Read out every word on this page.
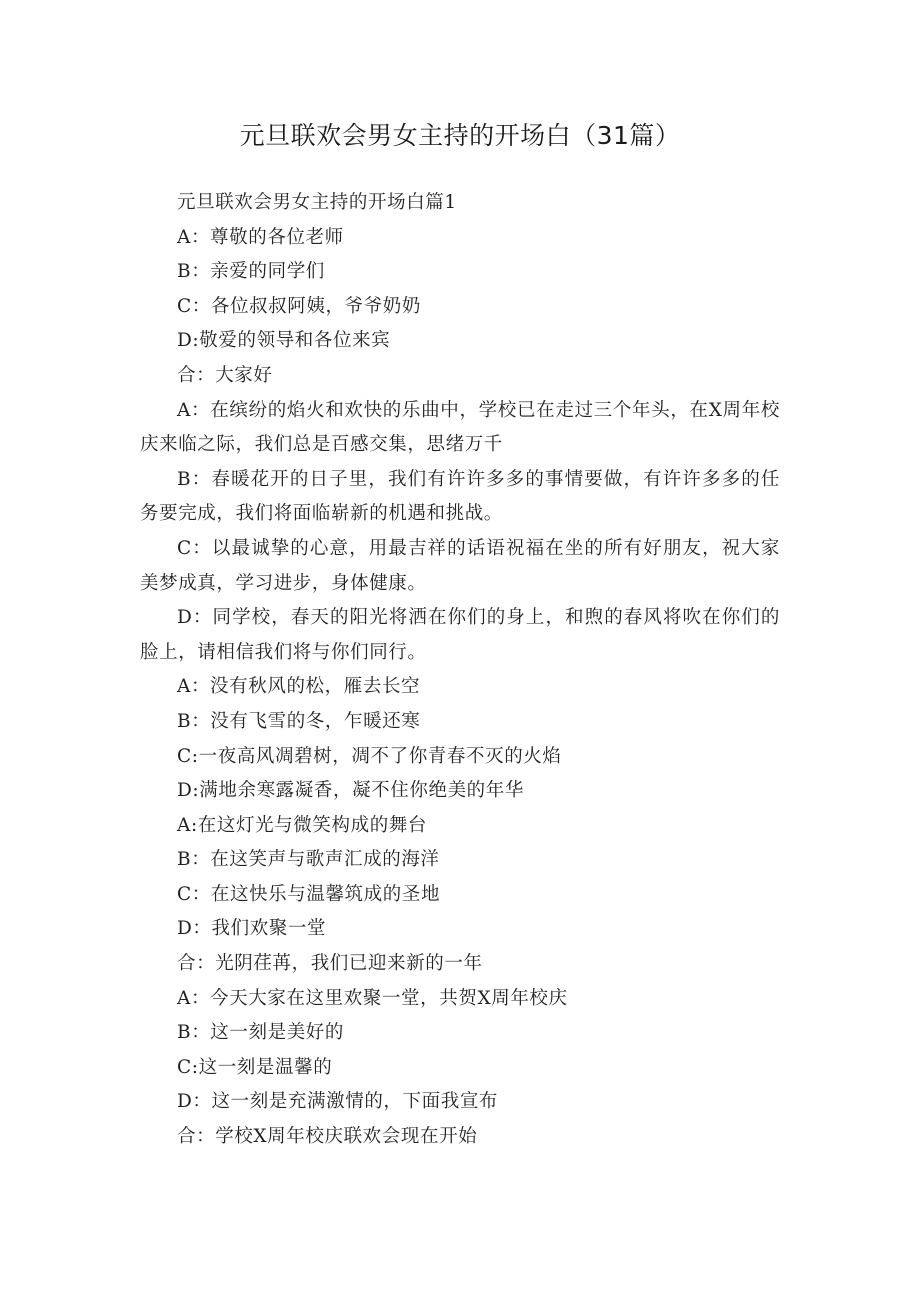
元旦联欢会男女主持的开场白（31篇）

元旦联欢会男女主持的开场白篇1

A：尊敬的各位老师

B：亲爱的同学们

C：各位叔叔阿姨，爷爷奶奶

D:敬爱的领导和各位来宾

合：大家好

A：在缤纷的焰火和欢快的乐曲中，学校已在走过三个年头，在X周年校庆来临之际，我们总是百感交集，思绪万千

B：春暖花开的日子里，我们有许许多多的事情要做，有许许多多的任务要完成，我们将面临崭新的机遇和挑战。

C：以最诚挚的心意，用最吉祥的话语祝福在坐的所有好朋友，祝大家美梦成真，学习进步，身体健康。

D：同学校，春天的阳光将洒在你们的身上，和煦的春风将吹在你们的脸上，请相信我们将与你们同行。

A：没有秋风的松，雁去长空

B：没有飞雪的冬，乍暖还寒

C:一夜高风凋碧树，凋不了你青春不灭的火焰

D:满地余寒露凝香，凝不住你绝美的年华

A:在这灯光与微笑构成的舞台

B：在这笑声与歌声汇成的海洋

C：在这快乐与温馨筑成的圣地

D：我们欢聚一堂

合：光阴荏苒，我们已迎来新的一年

A：今天大家在这里欢聚一堂，共贺X周年校庆

B：这一刻是美好的

C:这一刻是温馨的

D：这一刻是充满激情的，下面我宣布

合：学校X周年校庆联欢会现在开始
